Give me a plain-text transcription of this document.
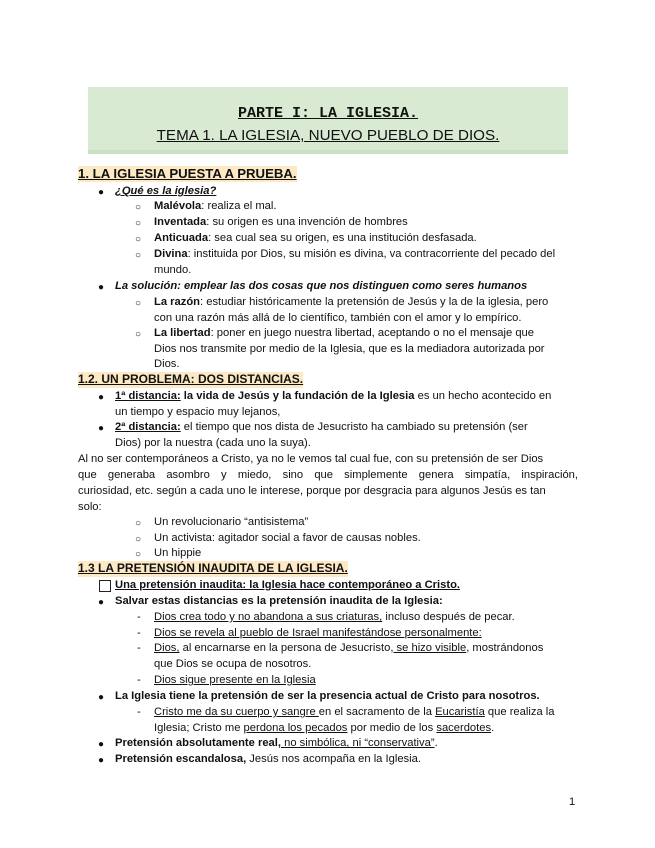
PARTE I: LA IGLESIA.
TEMA 1. LA IGLESIA, NUEVO PUEBLO DE DIOS.
1. LA IGLESIA PUESTA A PRUEBA.
● ¿Qué es la iglesia?
○ Malévola: realiza el mal.
○ Inventada: su origen es una invención de hombres
○ Anticuada: sea cual sea su origen, es una institución desfasada.
○ Divina: instituida por Dios, su misión es divina, va contracorriente del pecado del
mundo.
● La solución: emplear las dos cosas que nos distinguen como seres humanos
○ La razón: estudiar históricamente la pretensión de Jesús y la de la iglesia, pero
con una razón más allá de lo científico, también con el amor y lo empírico.
○ La libertad: poner en juego nuestra libertad, aceptando o no el mensaje que
Dios nos transmite por medio de la Iglesia, que es la mediadora autorizada por
Dios.
1.2. UN PROBLEMA: DOS DISTANCIAS.
● 1ª distancia: la vida de Jesús y la fundación de la Iglesia es un hecho acontecido en
un tiempo y espacio muy lejanos,
● 2ª distancia: el tiempo que nos dista de Jesucristo ha cambiado su pretensión (ser
Dios) por la nuestra (cada uno la suya).
Al no ser contemporáneos a Cristo, ya no le vemos tal cual fue, con su pretensión de ser Dios
que generaba asombro y miedo, sino que simplemente genera simpatía, inspiración,
curiosidad, etc. según a cada uno le interese, porque por desgracia para algunos Jesús es tan
solo:
○ Un revolucionario “antisistema”
○ Un activista: agitador social a favor de causas nobles.
○ Un hippie
1.3 LA PRETENSIÓN INAUDITA DE LA IGLESIA.
Una pretensión inaudita: la Iglesia hace contemporáneo a Cristo.
● Salvar estas distancias es la pretensión inaudita de la Iglesia:
- Dios crea todo y no abandona a sus criaturas, incluso después de pecar.
- Dios se revela al pueblo de Israel manifestándose personalmente:
- Dios, al encarnarse en la persona de Jesucristo, se hizo visible, mostrándonos
que Dios se ocupa de nosotros.
- Dios sigue presente en la Iglesia
● La Iglesia tiene la pretensión de ser la presencia actual de Cristo para nosotros.
- Cristo me da su cuerpo y sangre en el sacramento de la Eucaristía que realiza la
Iglesia; Cristo me perdona los pecados por medio de los sacerdotes.
● Pretensión absolutamente real, no simbólica, ni “conservativa”.
● Pretensión escandalosa, Jesús nos acompaña en la Iglesia.
1
